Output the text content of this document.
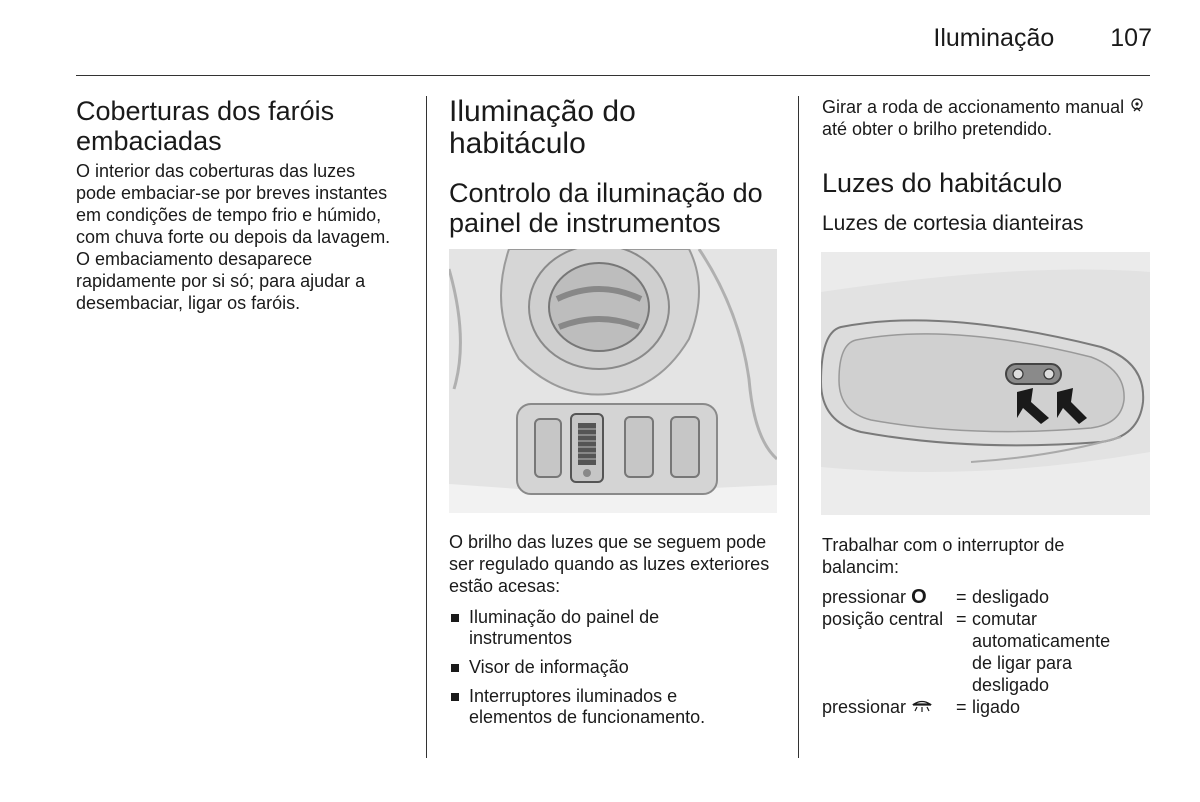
Iluminação 107
Coberturas dos faróis embaciadas

O interior das coberturas das luzes pode embaciar-se por breves instantes em condições de tempo frio e húmido, com chuva forte ou depois da lavagem. O embaciamento desaparece rapidamente por si só; para ajudar a desembaciar, ligar os faróis.

Iluminação do habitáculo
Controlo da iluminação do painel de instrumentos

O brilho das luzes que se seguem pode ser regulado quando as luzes exteriores estão acesas:

Iluminação do painel de instrumentos
Visor de informação
Interruptores iluminados e elementos de funcionamento.

Girar a roda de accionamento manual  até obter o brilho pretendido.

Luzes do habitáculo
Luzes de cortesia dianteiras

Trabalhar com o interruptor de balancim:

pressionar O	=	desligado
posição central	=	comutar automaticamente de ligar para desligado
pressionar	=	ligado
